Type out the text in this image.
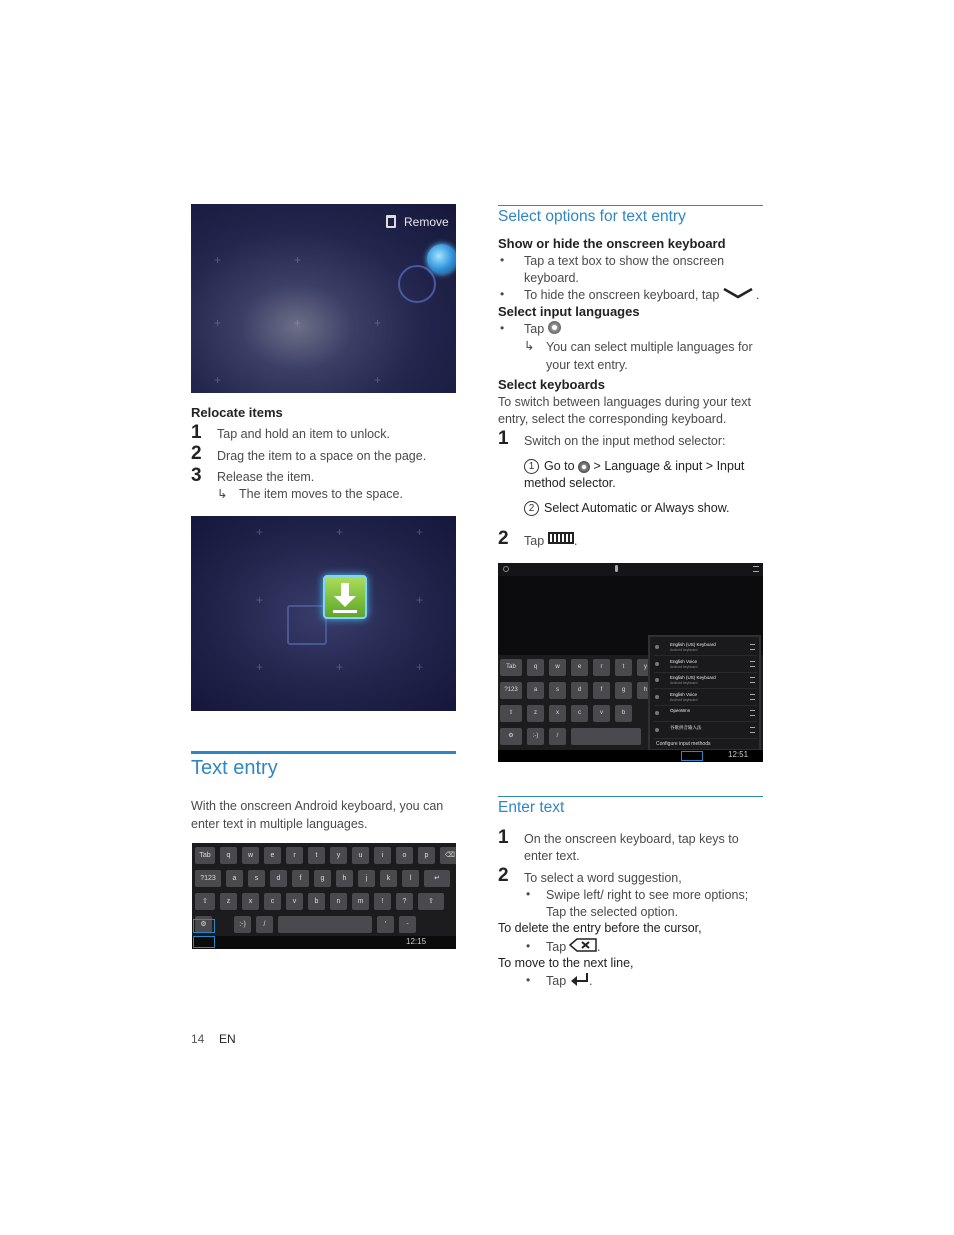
+	+
+	+	+
+	+
Remove
Relocate items
1 Tap and hold an item to unlock.
2 Drag the item to a space on the page.
3 Release the item.
↳ The item moves to the space.
+	+	+
+	+
+	+	+
Text entry
With the onscreen Android keyboard, you can enter text in multiple languages.
Tab	q	w	e	r	t	y	u	i	o	p	⌫
?123	a	s	d	f	g	h	j	k	l	↵
⇧	z	x	c	v	b	n	m	!	?	⇧
⚙	:-)	/	'	-
12:15
Select options for text entry
Show or hide the onscreen keyboard
• Tap a text box to show the onscreen keyboard.
• To hide the onscreen keyboard, tap	.
Select input languages
• Tap
↳ You can select multiple languages for your text entry.
Select keyboards
To switch between languages during your text entry, select the corresponding keyboard.
1 Switch on the input method selector:
1 Go to > Language & input > Input method selector.
2 Select Automatic or Always show.
2 Tap .
Tab	q	w	e	r	t	y
?123	a	s	d	f	g	h
⇧	z	x	c	v	b
⚙	:-)	/
English (US) Keyboard
Android keyboard
English Voice
Android keyboard
English (US) Keyboard
Android keyboard
English Voice
Android keyboard
OpenWnn
谷歌拼音输入法
Configure input methods
12:51
Enter text
1 On the onscreen keyboard, tap keys to enter text.
2 To select a word suggestion,
• Swipe left/ right to see more options; Tap the selected option.
To delete the entry before the cursor,
• Tap .
To move to the next line,
• Tap .
14 EN
